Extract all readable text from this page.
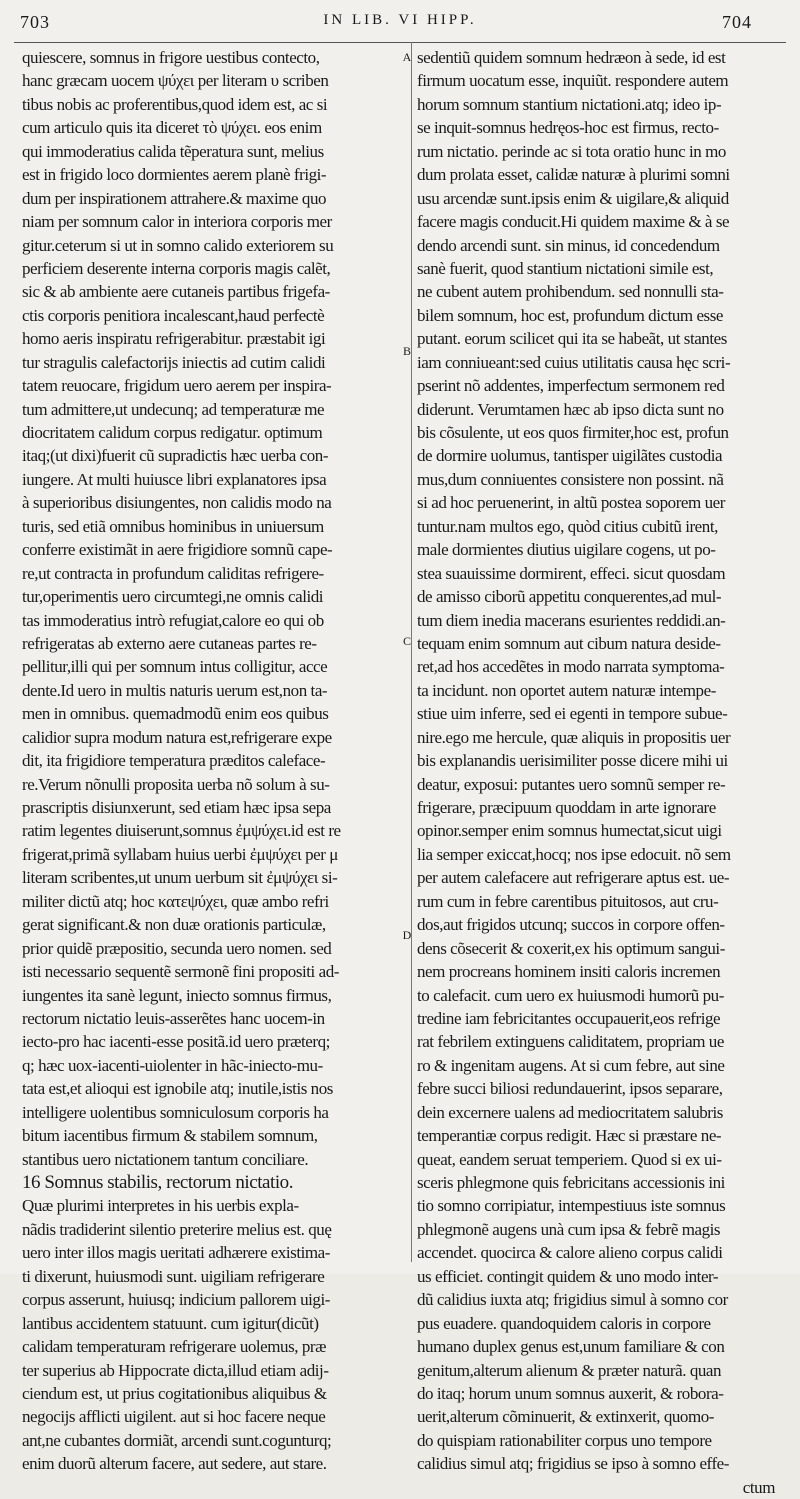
703	IN LIB. VI HIPP.	704
A
B
C
D
quiescere, somnus in frigore uestibus contecto,
hanc græcam uocem ψύχει per literam υ scriben
tibus nobis ac proferentibus,quod idem est, ac si
cum articulo quis ita diceret τὸ ψύχει. eos enim
qui immoderatius calida tẽperatura sunt, melius
est in frigido loco dormientes aerem planè frigi-
dum per inspirationem attrahere.& maxime quo
niam per somnum calor in interiora corporis mer
gitur.ceterum si ut in somno calido exteriorem su
perficiem deserente interna corporis magis calẽt,
sic & ab ambiente aere cutaneis partibus frigefa-
ctis corporis penitiora incalescant,haud perfectè
homo aeris inspiratu refrigerabitur. præstabit igi
tur stragulis calefactorijs iniectis ad cutim calidi
tatem reuocare, frigidum uero aerem per inspira-
tum admittere,ut undecunq; ad temperaturæ me
diocritatem calidum corpus redigatur. optimum
itaq;(ut dixi)fuerit cũ supradictis hæc uerba con-
iungere. At multi huiusce libri explanatores ipsa
à superioribus disiungentes, non calidis modo na
turis, sed etiã omnibus hominibus in uniuersum
conferre existimãt in aere frigidiore somnũ cape-
re,ut contracta in profundum caliditas refrigere-
tur,operimentis uero circumtegi,ne omnis calidi
tas immoderatius intrò refugiat,calore eo qui ob
refrigeratas ab externo aere cutaneas partes re-
pellitur,illi qui per somnum intus colligitur, acce
dente.Id uero in multis naturis uerum est,non ta-
men in omnibus. quemadmodũ enim eos quibus
calidior supra modum natura est,refrigerare expe
dit, ita frigidiore temperatura præditos caleface-
re.Verum nõnulli proposita uerba nõ solum à su-
prascriptis disiunxerunt, sed etiam hæc ipsa sepa
ratim legentes diuiserunt,somnus ἐμψύχει.id est re
frigerat,primã syllabam huius uerbi ἐμψύχει per μ
literam scribentes,ut unum uerbum sit ἐμψύχει si-
militer dictũ atq; hoc κατεψύχει, quæ ambo refri
gerat significant.& non duæ orationis particulæ,
prior quidẽ præpositio, secunda uero nomen. sed
isti necessario sequentẽ sermonẽ fini propositi ad-
iungentes ita sanè legunt, iniecto somnus firmus,
rectorum nictatio leuis-asserẽtes hanc uocem-in
iecto-pro hac iacenti-esse positã.id uero præterq;
q; hæc uox-iacenti-uiolenter in hãc-iniecto-mu-
tata est,et alioqui est ignobile atq; inutile,istis nos
intelligere uolentibus somniculosum corporis ha
bitum iacentibus firmum & stabilem somnum,
stantibus uero nictationem tantum conciliare.
16 Somnus stabilis, rectorum nictatio.
Quæ plurimi interpretes in his uerbis expla-
nãdis tradiderint silentio preterire melius est. quę
uero inter illos magis ueritati adhærere existima-
ti dixerunt, huiusmodi sunt. uigiliam refrigerare
corpus asserunt, huiusq; indicium pallorem uigi-
lantibus accidentem statuunt. cum igitur(dicũt)
calidam temperaturam refrigerare uolemus, præ
ter superius ab Hippocrate dicta,illud etiam adij-
ciendum est, ut prius cogitationibus aliquibus &
negocijs afflicti uigilent. aut si hoc facere neque
ant,ne cubantes dormiãt, arcendi sunt.cogunturq;
enim duorũ alterum facere, aut sedere, aut stare.
sedentiũ quidem somnum hedræon à sede, id est
firmum uocatum esse, inquiũt. respondere autem
horum somnum stantium nictationi.atq; ideo ip-
se inquit-somnus hedręos-hoc est firmus, recto-
rum nictatio. perinde ac si tota oratio hunc in mo
dum prolata esset, calidæ naturæ à plurimi somni
usu arcendæ sunt.ipsis enim & uigilare,& aliquid
facere magis conducit.Hi quidem maxime & à se
dendo arcendi sunt. sin minus, id concedendum
sanè fuerit, quod stantium nictationi simile est,
ne cubent autem prohibendum. sed nonnulli sta-
bilem somnum, hoc est, profundum dictum esse
putant. eorum scilicet qui ita se habeãt, ut stantes
iam conniueant:sed cuius utilitatis causa hęc scri-
pserint nõ addentes, imperfectum sermonem red
diderunt. Verumtamen hæc ab ipso dicta sunt no
bis cõsulente, ut eos quos firmiter,hoc est, profun
de dormire uolumus, tantisper uigilãtes custodia
mus,dum conniuentes consistere non possint. nã
si ad hoc peruenerint, in altũ postea soporem uer
tuntur.nam multos ego, quòd citius cubitũ irent,
male dormientes diutius uigilare cogens, ut po-
stea suauissime dormirent, effeci. sicut quosdam
de amisso ciborũ appetitu conquerentes,ad mul-
tum diem inedia macerans esurientes reddidi.an-
tequam enim somnum aut cibum natura deside-
ret,ad hos accedẽtes in modo narrata symptoma-
ta incidunt. non oportet autem naturæ intempe-
stiue uim inferre, sed ei egenti in tempore subue-
nire.ego me hercule, quæ aliquis in propositis uer
bis explanandis uerisimiliter posse dicere mihi ui
deatur, exposui: putantes uero somnũ semper re-
frigerare, præcipuum quoddam in arte ignorare
opinor.semper enim somnus humectat,sicut uigi
lia semper exiccat,hocq; nos ipse edocuit. nõ sem
per autem calefacere aut refrigerare aptus est. ue-
rum cum in febre carentibus pituitosos, aut cru-
dos,aut frigidos utcunq; succos in corpore offen-
dens cõsecerit & coxerit,ex his optimum sangui-
nem procreans hominem insiti caloris incremen
to calefacit. cum uero ex huiusmodi humorũ pu-
tredine iam febricitantes occupauerit,eos refrige
rat febrilem extinguens caliditatem, propriam ue
ro & ingenitam augens. At si cum febre, aut sine
febre succi biliosi redundauerint, ipsos separare,
dein excernere ualens ad mediocritatem salubris
temperantiæ corpus redigit. Hæc si præstare ne-
queat, eandem seruat temperiem. Quod si ex ui-
sceris phlegmone quis febricitans accessionis ini
tio somno corripiatur, intempestiuus iste somnus
phlegmonẽ augens unà cum ipsa & febrẽ magis
accendet. quocirca & calore alieno corpus calidi
us efficiet. contingit quidem & uno modo inter-
dũ calidius iuxta atq; frigidius simul à somno cor
pus euadere. quandoquidem caloris in corpore
humano duplex genus est,unum familiare & con
genitum,alterum alienum & præter naturã. quan
do itaq; horum unum somnus auxerit, & robora-
uerit,alterum cõminuerit, & extinxerit, quomo-
do quispiam rationabiliter corpus uno tempore
calidius simul atq; frigidius se ipso à somno effe-
ctum
